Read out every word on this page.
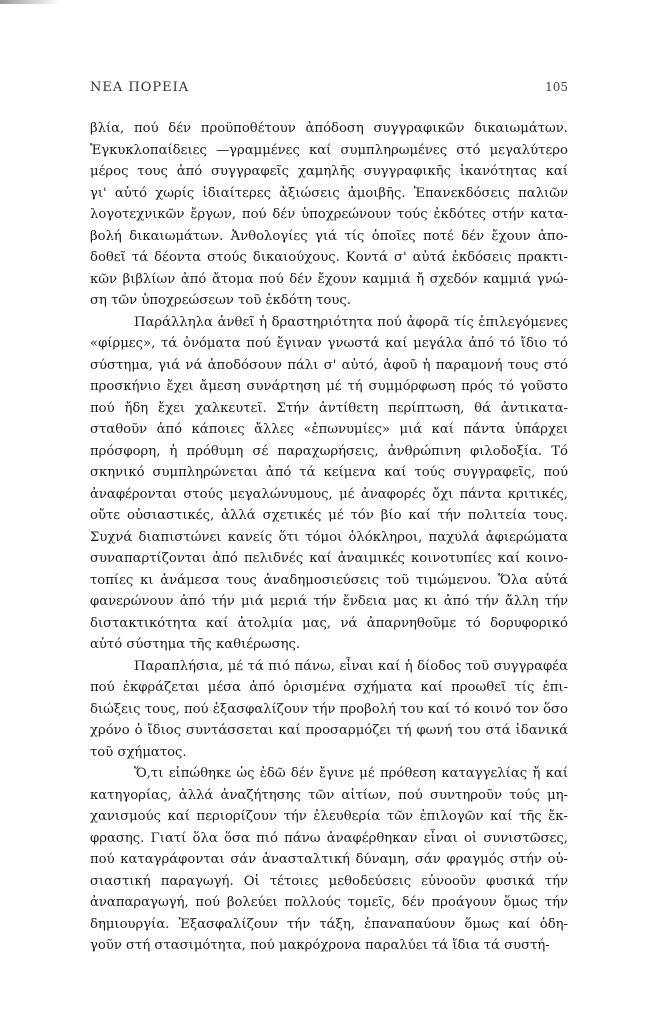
ΝΕΑ ΠΟΡΕΙΑ	105
βλία, πού δέν προϋποθέτουν ἀπόδοση συγγραφικῶν δικαιωμάτων.
Ἐγκυκλοπαίδειες —γραμμένες καί συμπληρωμένες στό μεγαλύτερο
μέρος τους ἀπό συγγραφεῖς χαμηλῆς συγγραφικῆς ἱκανότητας καί
γι' αὐτό χωρίς ἰδιαίτερες ἀξιώσεις ἀμοιβῆς. Ἐπανεκδόσεις παλιῶν
λογοτεχνικῶν ἔργων, πού δέν ὑποχρεώνουν τούς ἐκδότες στήν κατα-
βολή δικαιωμάτων. Ἀνθολογίες γιά τίς ὁποῖες ποτέ δέν ἔχουν ἀπο-
δοθεῖ τά δέοντα στούς δικαιούχους. Κοντά σ' αὐτά ἐκδόσεις πρακτι-
κῶν βιβλίων ἀπό ἄτομα πού δέν ἔχουν καμμιά ἤ σχεδόν καμμιά γνώ-
ση τῶν ὑποχρεώσεων τοῦ ἐκδότη τους.
Παράλληλα ἀνθεῖ ἡ δραστηριότητα πού ἀφορᾶ τίς ἐπιλεγόμενες
«φίρμες», τά ὀνόματα πού ἔγιναν γνωστά καί μεγάλα ἀπό τό ἴδιο τό
σύστημα, γιά νά ἀποδόσουν πάλι σ' αὐτό, ἀφοῦ ἡ παραμονή τους στό
προσκήνιο ἔχει ἄμεση συνάρτηση μέ τή συμμόρφωση πρός τό γοῦστο
πού ἤδη ἔχει χαλκευτεῖ. Στήν ἀντίθετη περίπτωση, θά ἀντικατα-
σταθοῦν ἀπό κάποιες ἄλλες «ἐπωνυμίες» μιά καί πάντα ὑπάρχει
πρόσφορη, ἡ πρόθυμη σέ παραχωρήσεις, ἀνθρώπινη φιλοδοξία. Τό
σκηνικό συμπληρώνεται ἀπό τά κείμενα καί τούς συγγραφεῖς, πού
ἀναφέρονται στούς μεγαλώνυμους, μέ ἀναφορές ὄχι πάντα κριτικές,
οὔτε οὐσιαστικές, ἀλλά σχετικές μέ τόν βίο καί τήν πολιτεία τους.
Συχνά διαπιστώνει κανείς ὅτι τόμοι ὁλόκληροι, παχυλά ἀφιερώματα
συναπαρτίζονται ἀπό πελιδνές καί ἀναιμικές κοινοτυπίες καί κοινο-
τοπίες κι ἀνάμεσα τους ἀναδημοσιεύσεις τοῦ τιμώμενου. Ὅλα αὐτά
φανερώνουν ἀπό τήν μιά μεριά τήν ἔνδεια μας κι ἀπό τήν ἄλλη τήν
διστακτικότητα καί ἀτολμία μας, νά ἀπαρνηθοῦμε τό δορυφορικό
αὐτό σύστημα τῆς καθιέρωσης.
Παραπλήσια, μέ τά πιό πάνω, εἶναι καί ἡ δίοδος τοῦ συγγραφέα
πού ἐκφράζεται μέσα ἀπό ὁρισμένα σχήματα καί προωθεῖ τίς ἐπι-
διώξεις τους, πού ἐξασφαλίζουν τήν προβολή του καί τό κοινό τον ὅσο
χρόνο ὁ ἴδιος συντάσσεται καί προσαρμόζει τή φωνή του στά ἰδανικά
τοῦ σχήματος.
Ὅ,τι εἰπώθηκε ὡς ἐδῶ δέν ἔγινε μέ πρόθεση καταγγελίας ἤ καί
κατηγορίας, ἀλλά ἀναζήτησης τῶν αἰτίων, πού συντηροῦν τούς μη-
χανισμούς καί περιορίζουν τήν ἐλευθερία τῶν ἐπιλογῶν καί τῆς ἔκ-
φρασης. Γιατί ὅλα ὅσα πιό πάνω ἀναφέρθηκαν εἶναι οἱ συνιστῶσες,
πού καταγράφονται σάν ἀνασταλτική δύναμη, σάν φραγμός στήν οὐ-
σιαστική παραγωγή. Οἱ τέτοιες μεθοδεύσεις εὐνοοῦν φυσικά τήν
ἀναπαραγωγή, πού βολεύει πολλούς τομεῖς, δέν προάγουν ὅμως τήν
δημιουργία. Ἐξασφαλίζουν τήν τάξη, ἐπαναπαύουν ὅμως καί ὁδη-
γοῦν στή στασιμότητα, πού μακρόχρονα παραλύει τά ἴδια τά συστή-
